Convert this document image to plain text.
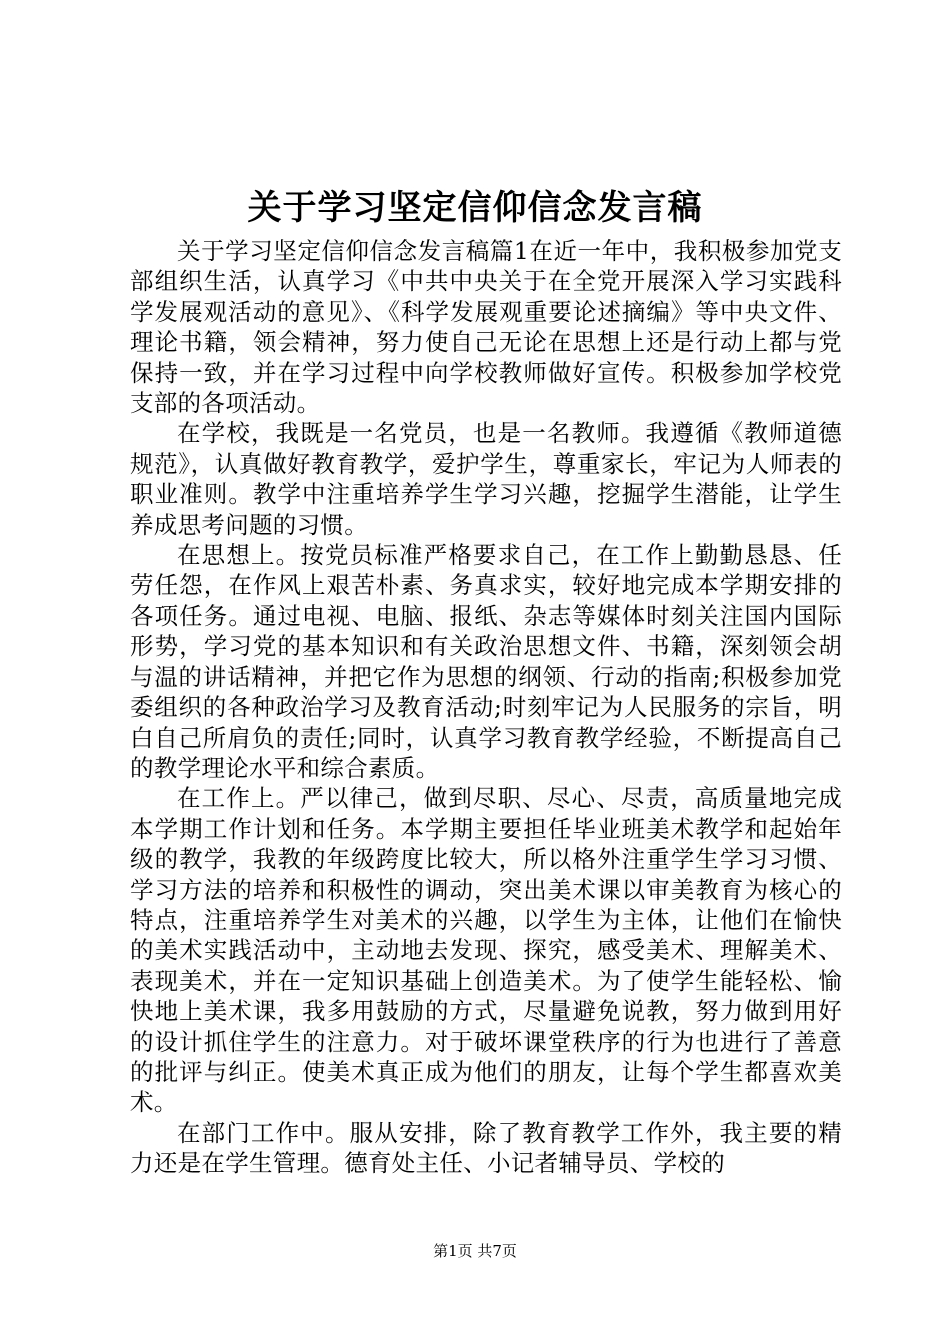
关于学习坚定信仰信念发言稿

关于学习坚定信仰信念发言稿篇1在近一年中，我积极参加党支部组织生活，认真学习《中共中央关于在全党开展深入学习实践科学发展观活动的意见》、《科学发展观重要论述摘编》等中央文件、理论书籍，领会精神，努力使自己无论在思想上还是行动上都与党保持一致，并在学习过程中向学校教师做好宣传。积极参加学校党支部的各项活动。

在学校，我既是一名党员，也是一名教师。我遵循《教师道德规范》，认真做好教育教学，爱护学生，尊重家长，牢记为人师表的职业准则。教学中注重培养学生学习兴趣，挖掘学生潜能，让学生养成思考问题的习惯。

在思想上。按党员标准严格要求自己，在工作上勤勤恳恳、任劳任怨，在作风上艰苦朴素、务真求实，较好地完成本学期安排的各项任务。通过电视、电脑、报纸、杂志等媒体时刻关注国内国际形势，学习党的基本知识和有关政治思想文件、书籍，深刻领会胡与温的讲话精神，并把它作为思想的纲领、行动的指南;积极参加党委组织的各种政治学习及教育活动;时刻牢记为人民服务的宗旨，明白自己所肩负的责任;同时，认真学习教育教学经验，不断提高自己的教学理论水平和综合素质。

在工作上。严以律己，做到尽职、尽心、尽责，高质量地完成本学期工作计划和任务。本学期主要担任毕业班美术教学和起始年级的教学，我教的年级跨度比较大，所以格外注重学生学习习惯、学习方法的培养和积极性的调动，突出美术课以审美教育为核心的特点，注重培养学生对美术的兴趣，以学生为主体，让他们在愉快的美术实践活动中，主动地去发现、探究，感受美术、理解美术、表现美术，并在一定知识基础上创造美术。为了使学生能轻松、愉快地上美术课，我多用鼓励的方式，尽量避免说教，努力做到用好的设计抓住学生的注意力。对于破坏课堂秩序的行为也进行了善意的批评与纠正。使美术真正成为他们的朋友，让每个学生都喜欢美术。

在部门工作中。服从安排，除了教育教学工作外，我主要的精力还是在学生管理。德育处主任、小记者辅导员、学校的

第1页 共7页
